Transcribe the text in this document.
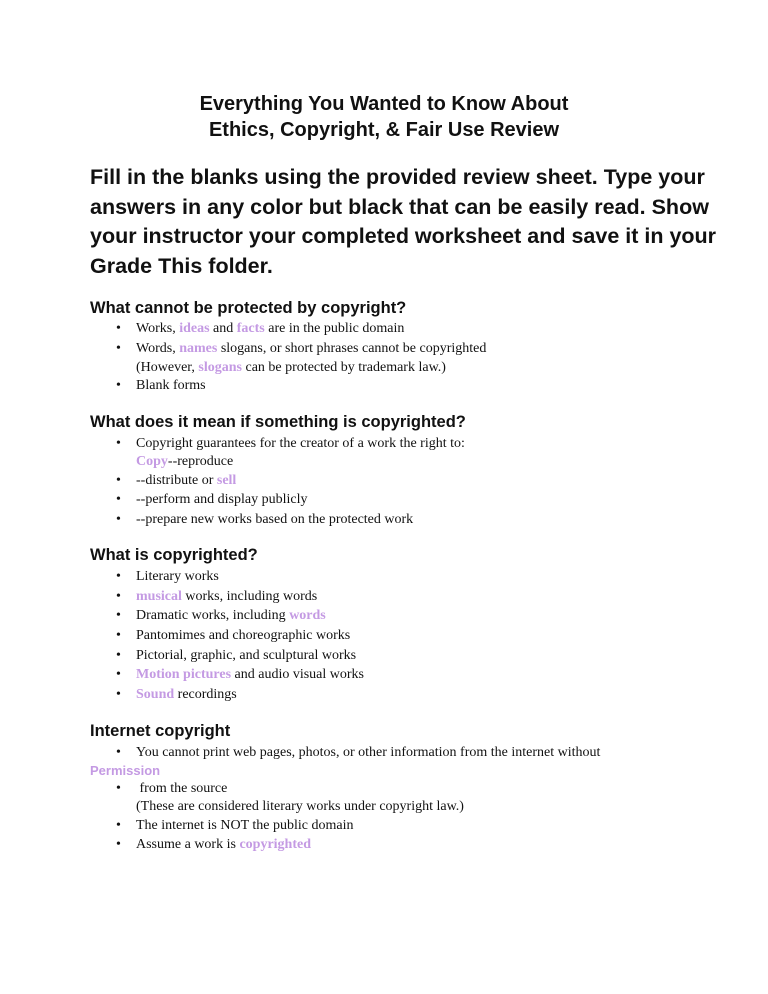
Everything You Wanted to Know About
Ethics, Copyright, & Fair Use Review

Fill in the blanks using the provided review sheet. Type your answers in any color but black that can be easily read. Show your instructor your completed worksheet and save it in your Grade This folder.

What cannot be protected by copyright?
• Works, ideas and facts are in the public domain
• Words, names slogans, or short phrases cannot be copyrighted
(However, slogans can be protected by trademark law.)
• Blank forms
What does it mean if something is copyrighted?
• Copyright guarantees for the creator of a work the right to:
Copy--reproduce
• --distribute or sell
• --perform and display publicly
• --prepare new works based on the protected work
What is copyrighted?
• Literary works
• musical works, including words
• Dramatic works, including words
• Pantomimes and choreographic works
• Pictorial, graphic, and sculptural works
• Motion pictures and audio visual works
• Sound recordings
Internet copyright
• You cannot print web pages, photos, or other information from the internet without
Permission
• from the source
(These are considered literary works under copyright law.)
• The internet is NOT the public domain
• Assume a work is copyrighted
